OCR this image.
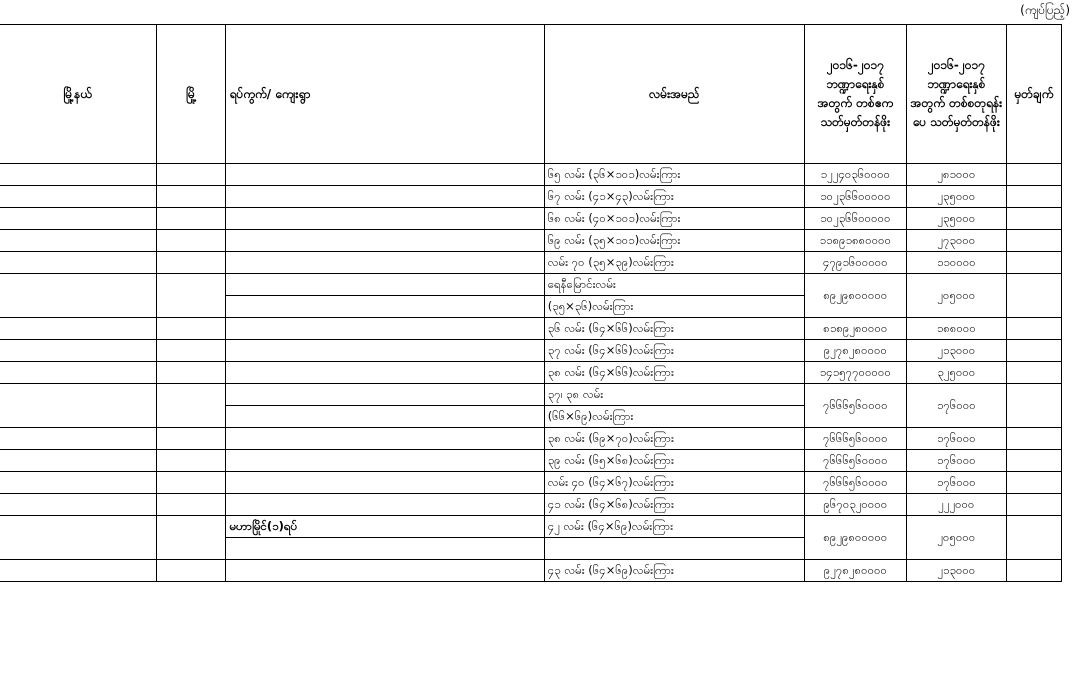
(ကျပ်ပြည့်)
မြို့နယ်	မြို့	ရပ်ကွက်/ ကျေးရွာ	လမ်းအမည်	၂၀၁၆-၂၀၁၇ ဘဏ္ဍာရေးနှစ် အတွက် တစ်ဧက သတ်မှတ်တန်ဖိုး	၂၀၁၆-၂၀၁၇ ဘဏ္ဍာရေးနှစ် အတွက် တစ်စတုရန်းပေ သတ်မှတ်တန်ဖိုး	မှတ်ချက်
			၆၅ လမ်း (၃၆×၁၀၁)လမ်းကြား	၁၂၂၄၀၃၆၀၀၀၀	၂၈၁၀၀၀	
			၆၇ လမ်း (၄၁×၄၃)လမ်းကြား	၁၀၂၃၆၆၀၀၀၀၀	၂၃၅၀၀၀	
			၆၈ လမ်း (၄၀×၁၀၁)လမ်းကြား	၁၀၂၃၆၆၀၀၀၀၀	၂၃၅၀၀၀	
			၆၉ လမ်း (၃၅×၁၀၁)လမ်းကြား	၁၁၈၉၁၈၈၀၀၀၀	၂၇၃၀၀၀	
			လမ်း ၇၀ (၃၅×၃၉)လမ်းကြား	၄၇၉၁၆၀၀၀၀၀	၁၁၀၀၀၀	
			ရေနီမြောင်းလမ်း	၈၉၂၉၈၀၀၀၀၀	၂၀၅၀၀၀	
			(၃၅×၃၆)လမ်းကြား			
			၃၆ လမ်း (၆၄×၆၆)လမ်းကြား	၈၁၈၉၂၈၀၀၀၀	၁၈၈၀၀၀	
			၃၇ လမ်း (၆၄×၆၆)လမ်းကြား	၉၂၇၈၂၈၀၀၀၀	၂၁၃၀၀၀	
			၃၈ လမ်း (၆၄×၆၆)လမ်းကြား	၁၄၁၅၇၇၀၀၀၀၀	၃၂၅၀၀၀	
			၃၇၊ ၃၈ လမ်း	၇၆၆၆၅၆၀၀၀၀	၁၇၆၀၀၀	
			(၆၆×၆၉)လမ်းကြား			
			၃၈ လမ်း (၆၉×၇၀)လမ်းကြား	၇၆၆၆၅၆၀၀၀၀	၁၇၆၀၀၀	
			၃၉ လမ်း (၆၅×၆၈)လမ်းကြား	၇၆၆၆၅၆၀၀၀၀	၁၇၆၀၀၀	
			လမ်း ၄၀ (၆၄×၆၇)လမ်းကြား	၇၆၆၆၅၆၀၀၀၀	၁၇၆၀၀၀	
			၄၁ လမ်း (၆၄×၆၈)လမ်းကြား	၉၆၇၀၃၂၀၀၀၀	၂၂၂၀၀၀	
		မဟာမြိုင်(၁)ရပ်	၄၂ လမ်း (၆၄×၆၉)လမ်းကြား	၈၉၂၉၈၀၀၀၀၀	၂၀၅၀၀၀	

			၄၃ လမ်း (၆၄×၆၉)လမ်းကြား	၉၂၇၈၂၈၀၀၀၀	၂၁၃၀၀၀	
